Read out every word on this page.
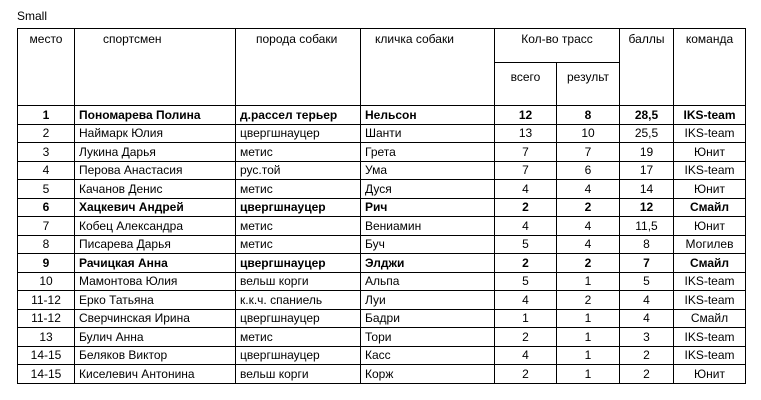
Small
место	спортсмен	порода собаки	кличка собаки	Кол-во трасс		баллы	команда
				всего	результ		
1	Пономарева Полина	д.рассел терьер	Нельсон	12	8	28,5	IKS-team
2	Наймарк Юлия	цвергшнауцер	Шанти	13	10	25,5	IKS-team
3	Лукина Дарья	метис	Грета	7	7	19	Юнит
4	Перова Анастасия	рус.той	Ума	7	6	17	IKS-team
5	Качанов Денис	метис	Дуся	4	4	14	Юнит
6	Хацкевич Андрей	цвергшнауцер	Рич	2	2	12	Смайл
7	Кобец Александра	метис	Вениамин	4	4	11,5	Юнит
8	Писарева Дарья	метис	Буч	5	4	8	Могилев
9	Рачицкая Анна	цвергшнауцер	Элджи	2	2	7	Смайл
10	Мамонтова Юлия	вельш корги	Альпа	5	1	5	IKS-team
11-12	Ерко Татьяна	к.к.ч. спаниель	Луи	4	2	4	IKS-team
11-12	Сверчинская Ирина	цвергшнауцер	Бадри	1	1	4	Смайл
13	Булич Анна	метис	Тори	2	1	3	IKS-team
14-15	Беляков Виктор	цвергшнауцер	Касс	4	1	2	IKS-team
14-15	Киселевич Антонина	вельш корги	Корж	2	1	2	Юнит
